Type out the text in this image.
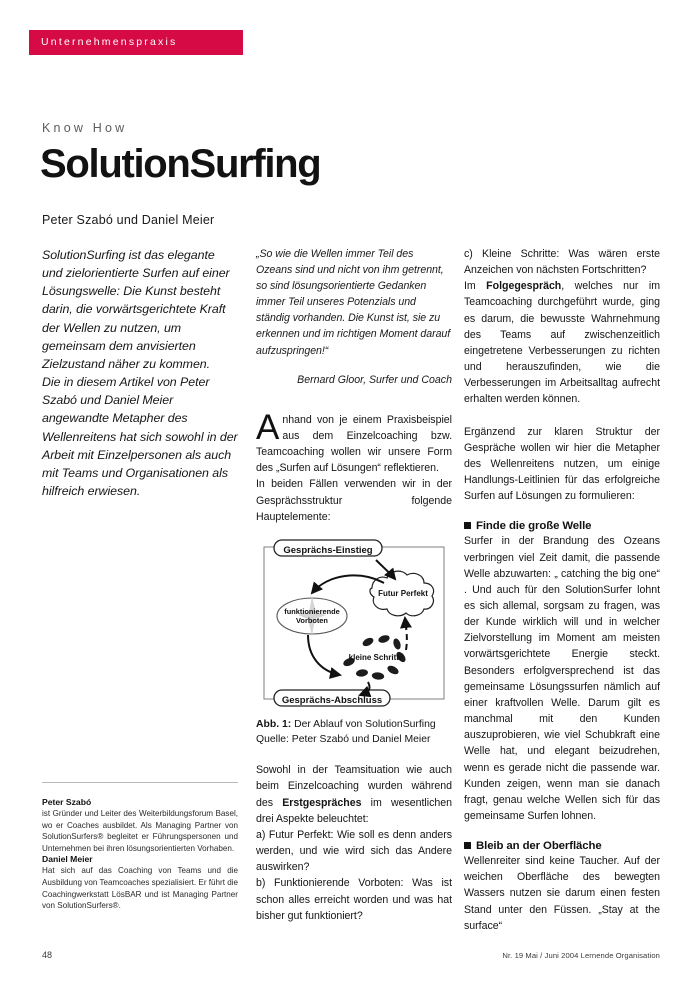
Unternehmenspraxis
Know How
SolutionSurfing
Peter Szabó und Daniel Meier

SolutionSurfing ist das elegante und zielorientierte Surfen auf einer Lösungswelle: Die Kunst besteht darin, die vorwärtsgerichtete Kraft der Wellen zu nutzen, um gemeinsam dem anvisierten Zielzustand näher zu kommen.

Die in diesem Artikel von Peter Szabó und Daniel Meier angewandte Metapher des Wellenreitens hat sich sowohl in der Arbeit mit Einzelpersonen als auch mit Teams und Organisationen als hilfreich erwiesen.

„So wie die Wellen immer Teil des Ozeans sind und nicht von ihm getrennt, so sind lösungsorientierte Gedanken immer Teil unseres Potenzials und ständig vorhanden. Die Kunst ist, sie zu erkennen und im richtigen Moment darauf aufzuspringen!“

Bernard Gloor, Surfer und Coach

Anhand von je einem Praxisbeispiel aus dem Einzelcoaching bzw. Teamcoaching wollen wir unsere Form des „Surfen auf Lösungen“ reflektieren.

In beiden Fällen verwenden wir in der Gesprächsstruktur folgende Hauptelemente:

Gesprächs-Einstieg
Gesprächs-Abschluss
Futur Perfekt
funktionierende
Vorboten
kleine Schritte

Abb. 1: Der Ablauf von SolutionSurfing
Quelle: Peter Szabó und Daniel Meier

Sowohl in der Teamsituation wie auch beim Einzelcoaching wurden während des Erstgespräches im wesentlichen drei Aspekte beleuchtet:

a) Futur Perfekt: Wie soll es denn anders werden, und wie wird sich das Andere auswirken?

b) Funktionierende Vorboten: Was ist schon alles erreicht worden und was hat bisher gut funktioniert?

c) Kleine Schritte: Was wären erste Anzeichen von nächsten Fortschritten?

Im Folgegespräch, welches nur im Teamcoaching durchgeführt wurde, ging es darum, die bewusste Wahrnehmung des Teams auf zwischenzeitlich eingetretene Verbesserungen zu richten und herauszufinden, wie die Verbesserungen im Arbeitsalltag aufrecht erhalten werden können.

Ergänzend zur klaren Struktur der Gespräche wollen wir hier die Metapher des Wellenreitens nutzen, um einige Handlungs-Leitlinien für das erfolgreiche Surfen auf Lösungen zu formulieren:

Finde die große Welle

Surfer in der Brandung des Ozeans verbringen viel Zeit damit, die passende Welle abzuwarten: „ catching the big one“ . Und auch für den SolutionSurfer lohnt es sich allemal, sorgsam zu fragen, was der Kunde wirklich will und in welcher Zielvorstellung im Moment am meisten vorwärtsgerichtete Energie steckt. Besonders erfolgversprechend ist das gemeinsame Lösungssurfen nämlich auf einer kraftvollen Welle. Darum gilt es manchmal mit den Kunden auszuprobieren, wie viel Schubkraft eine Welle hat, und elegant beizudrehen, wenn es gerade nicht die passende war. Kunden zeigen, wenn man sie danach fragt, genau welche Wellen sich für das gemeinsame Surfen lohnen.

Bleib an der Oberfläche

Wellenreiter sind keine Taucher. Auf der weichen Oberfläche des bewegten Wassers nutzen sie darum einen festen Stand unter den Füssen. „Stay at the surface“

Peter Szabó

ist Gründer und Leiter des Weiterbildungsforum Basel, wo er Coaches ausbildet. Als Managing Partner von SolutionSurfers® begleitet er Führungspersonen und Unternehmen bei ihren lösungsorientierten Vorhaben.

Daniel Meier

Hat sich auf das Coaching von Teams und die Ausbildung von Teamcoaches spezialisiert. Er führt die Coachingwerkstatt LösBAR und ist Managing Partner von SolutionSurfers®.

48	Nr. 19 Mai / Juni 2004 Lernende Organisation
